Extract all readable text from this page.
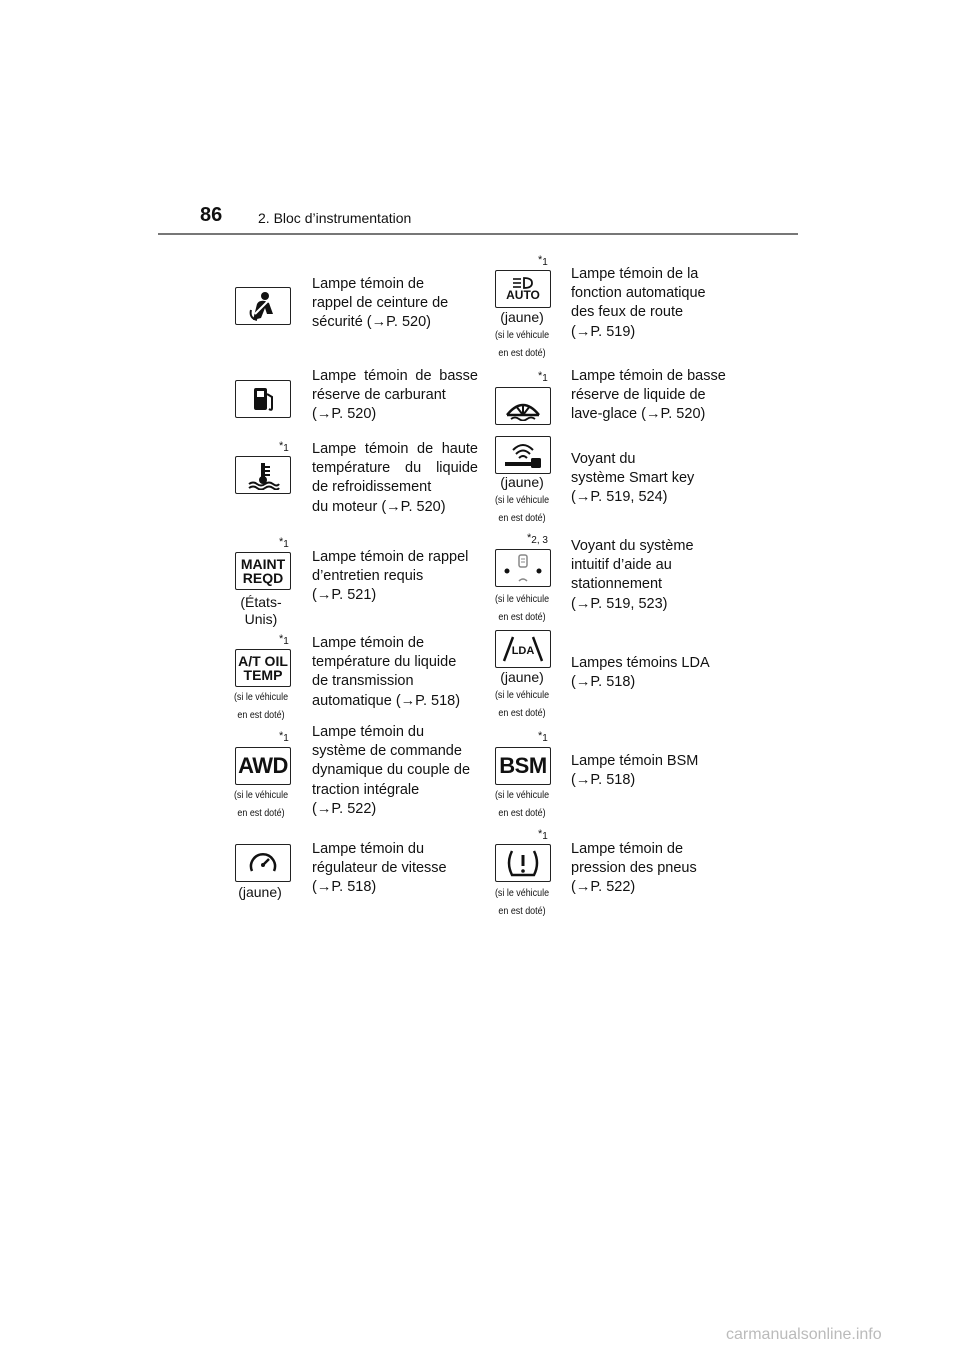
86	2. Bloc d’instrumentation
Lampe témoin de
rappel de ceinture de
sécurité (→P. 520)
Lampe témoin de basse
réserve de carburant
(→P. 520)
$*_1$ Lampe témoin de haute
température du liquide
de refroidissement
du moteur (→P. 520)
$*_1$
MAINT
REQD
(États-
Unis)
Lampe témoin de rappel
d’entretien requis
(→P. 521)
$*_1$
A/T OIL
TEMP
(si le véhicule
en est doté)
Lampe témoin de
température du liquide
de transmission
automatique (→P. 518)
$*_1$
AWD
(si le véhicule
en est doté)
Lampe témoin du
système de commande
dynamique du couple de
traction intégrale
(→P. 522)
(jaune)
Lampe témoin du
régulateur de vitesse
(→P. 518)
$*_1$
AUTO
(jaune)
(si le véhicule
en est doté)
Lampe témoin de la
fonction automatique
des feux de route
(→P. 519)
$*_1$ Lampe témoin de basse
réserve de liquide de
lave-glace (→P. 520)
(jaune)
(si le véhicule
en est doté)
Voyant du
système Smart key
(→P. 519, 524)
$*_{2, 3}$
(si le véhicule
en est doté)
Voyant du système
intuitif d’aide au
stationnement
(→P. 519, 523)
LDA
(jaune)
(si le véhicule
en est doté)
Lampes témoins LDA
(→P. 518)
$*_1$
BSM
(si le véhicule
en est doté)
Lampe témoin BSM
(→P. 518)
$*_1$
(si le véhicule
en est doté)
Lampe témoin de
pression des pneus
(→P. 522)
carmanualsonline.info
